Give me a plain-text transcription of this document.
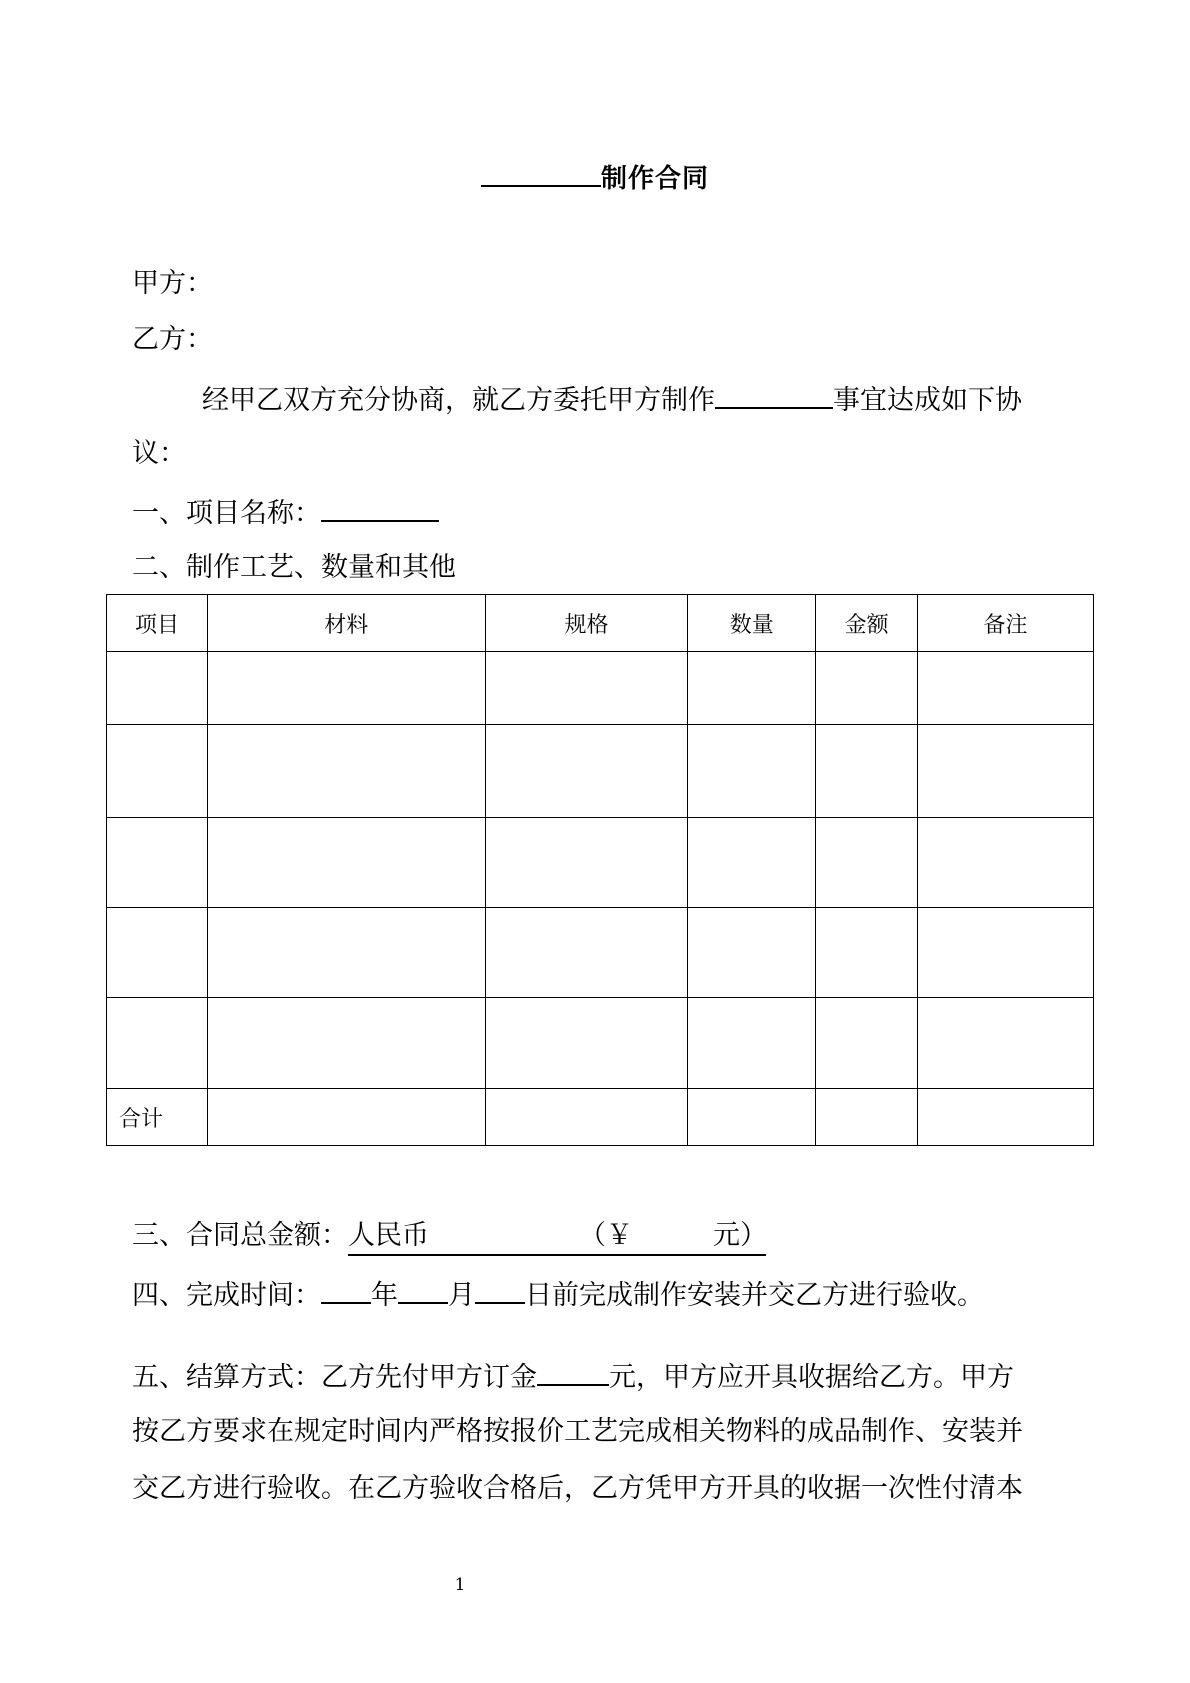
制作合同
甲方：
乙方：
经甲乙双方充分协商，就乙方委托甲方制作	事宜达成如下协
议：
一、项目名称：
二、制作工艺、数量和其他
项目	材料	规格	数量	金额	备注

合计					
三、合同总金额：人民币	（￥	元）
四、完成时间： 年 月 日前完成制作安装并交乙方进行验收。
五、结算方式：乙方先付甲方订金	元，甲方应开具收据给乙方。甲方
按乙方要求在规定时间内严格按报价工艺完成相关物料的成品制作、安装并
交乙方进行验收。在乙方验收合格后，乙方凭甲方开具的收据一次性付清本
1
